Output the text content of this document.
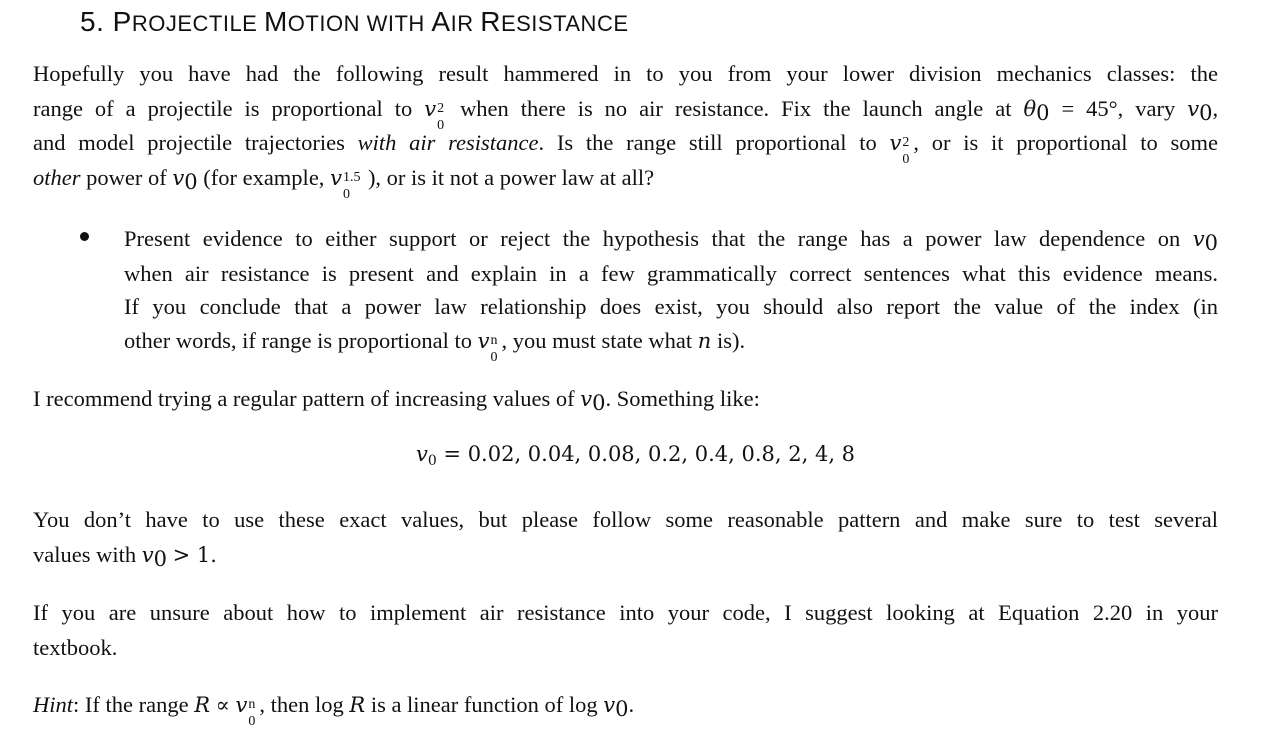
5. PROJECTILE MOTION WITH AIR RESISTANCE
Hopefully you have had the following result hammered in to you from your lower division mechanics classes: the
range of a projectile is proportional to v 2
0
when there is no air resistance. Fix the launch angle at $\theta_0 = 45^\circ$, vary $v_0$,
and model projectile trajectories with air resistance. Is the range still proportional to v 2
0
, or is it proportional to some
other power of $v_0$ (for example, v 1.5
0
), or is it not a power law at all?
Present evidence to either support or reject the hypothesis that the range has a power law dependence on $v_0$
when air resistance is present and explain in a few grammatically correct sentences what this evidence means.
If you conclude that a power law relationship does exist, you should also report the value of the index (in
other words, if range is proportional to v n
0
, you must state what n is).
I recommend trying a regular pattern of increasing values of $v_0$. Something like:
$v_0 = 0.02$, 0.04, 0.08, 0.2, 0.4, 0.8, 2, 4, 8
You don’t have to use these exact values, but please follow some reasonable pattern and make sure to test several
values with $v_0 > 1$.
If you are unsure about how to implement air resistance into your code, I suggest looking at Equation 2.20 in your
textbook.
Hint: If the range R ∝ v n
0
, then log R is a linear function of $\log v_0$.
